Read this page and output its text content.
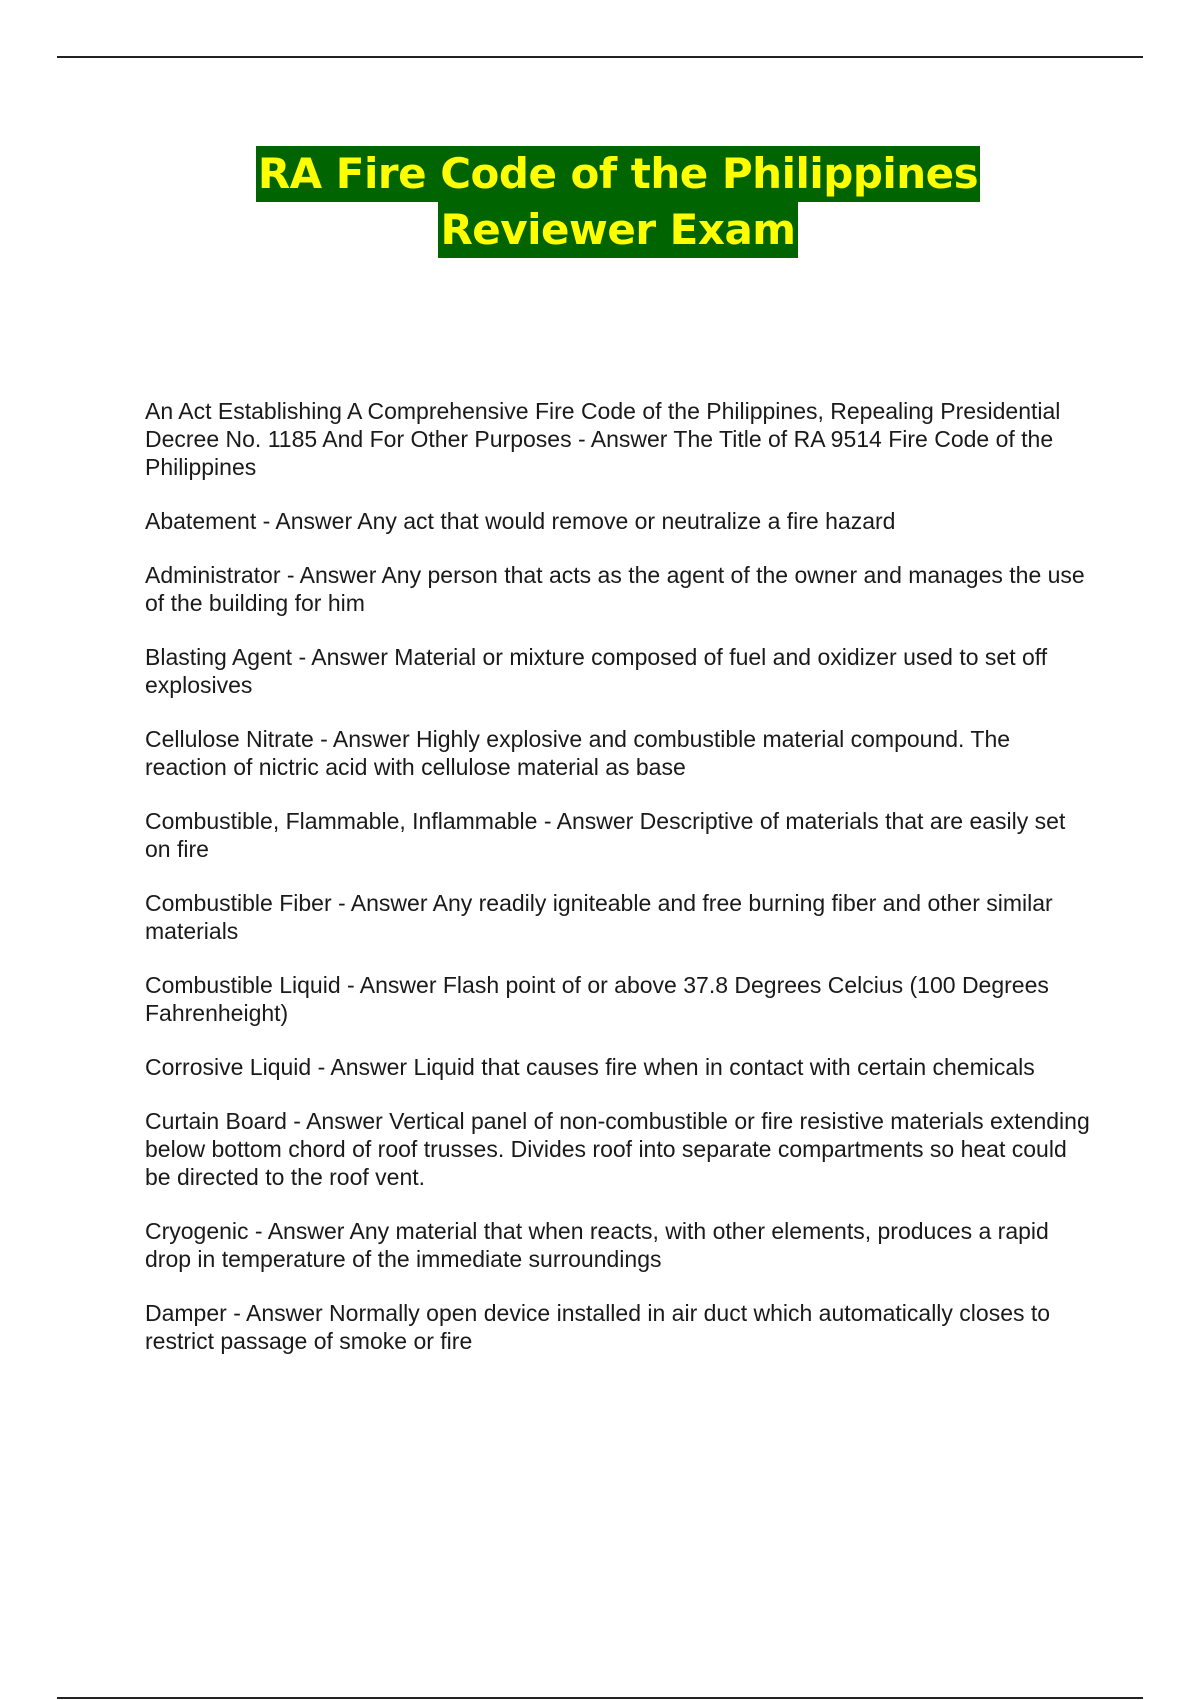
RA Fire Code of the Philippines
Reviewer Exam

An Act Establishing A Comprehensive Fire Code of the Philippines, Repealing Presidential Decree No. 1185 And For Other Purposes - Answer The Title of RA 9514 Fire Code of the Philippines

Abatement - Answer Any act that would remove or neutralize a fire hazard

Administrator - Answer Any person that acts as the agent of the owner and manages the use of the building for him

Blasting Agent - Answer Material or mixture composed of fuel and oxidizer used to set off explosives

Cellulose Nitrate - Answer Highly explosive and combustible material compound. The reaction of nictric acid with cellulose material as base

Combustible, Flammable, Inflammable - Answer Descriptive of materials that are easily set on fire

Combustible Fiber - Answer Any readily igniteable and free burning fiber and other similar materials

Combustible Liquid - Answer Flash point of or above 37.8 Degrees Celcius (100 Degrees Fahrenheight)

Corrosive Liquid - Answer Liquid that causes fire when in contact with certain chemicals

Curtain Board - Answer Vertical panel of non-combustible or fire resistive materials extending below bottom chord of roof trusses. Divides roof into separate compartments so heat could be directed to the roof vent.

Cryogenic - Answer Any material that when reacts, with other elements, produces a rapid drop in temperature of the immediate surroundings

Damper - Answer Normally open device installed in air duct which automatically closes to restrict passage of smoke or fire
